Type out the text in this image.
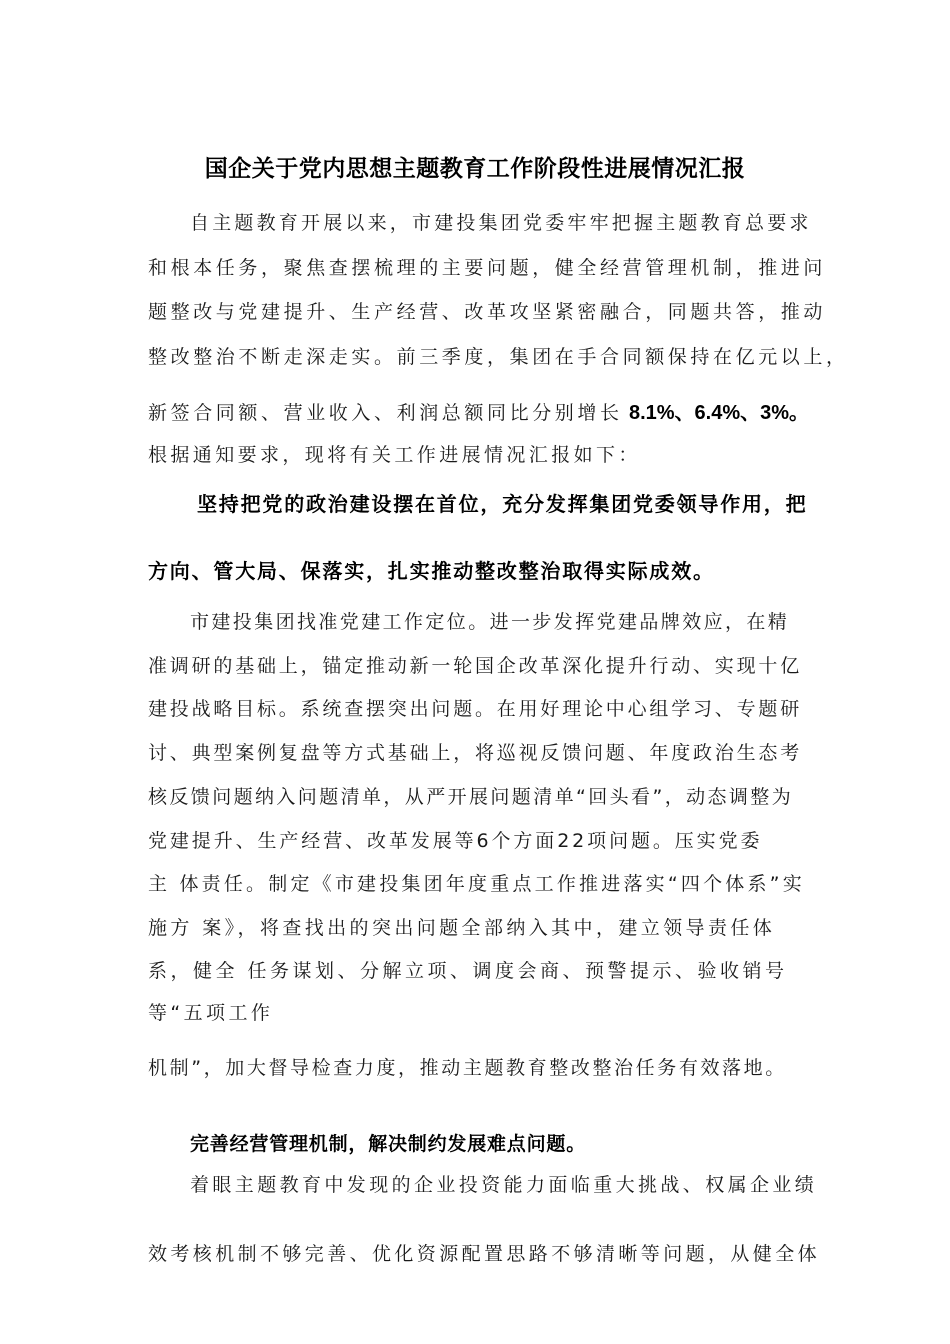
国企关于党内思想主题教育工作阶段性进展情况汇报
自主题教育开展以来，市建投集团党委牢牢把握主题教育总要求
和根本任务，聚焦查摆梳理的主要问题，健全经营管理机制，推进问
题整改与党建提升、生产经营、改革攻坚紧密融合，同题共答，推动
整改整治不断走深走实。前三季度，集团在手合同额保持在亿元以上，
新签合同额、营业收入、利润总额同比分别增长 8.1%、6.4%、3%。
根据通知要求，现将有关工作进展情况汇报如下：
坚持把党的政治建设摆在首位，充分发挥集团党委领导作用，把
方向、管大局、保落实，扎实推动整改整治取得实际成效。
市建投集团找准党建工作定位。进一步发挥党建品牌效应，在精
准调研的基础上，锚定推动新一轮国企改革深化提升行动、实现十亿
建投战略目标。系统查摆突出问题。在用好理论中心组学习、专题研
讨、典型案例复盘等方式基础上，将巡视反馈问题、年度政治生态考
核反馈问题纳入问题清单，从严开展问题清单“回头看”，动态调整为
党建提升、生产经营、改革发展等6个方面22项问题。压实党委
主 体责任。制定《市建投集团年度重点工作推进落实“四个体系”实
施方 案》，将查找出的突出问题全部纳入其中，建立领导责任体
系，健全 任务谋划、分解立项、调度会商、预警提示、验收销号
等“五项工作
机制”，加大督导检查力度，推动主题教育整改整治任务有效落地。
完善经营管理机制，解决制约发展难点问题。
着眼主题教育中发现的企业投资能力面临重大挑战、权属企业绩
效考核机制不够完善、优化资源配置思路不够清晰等问题，从健全体
